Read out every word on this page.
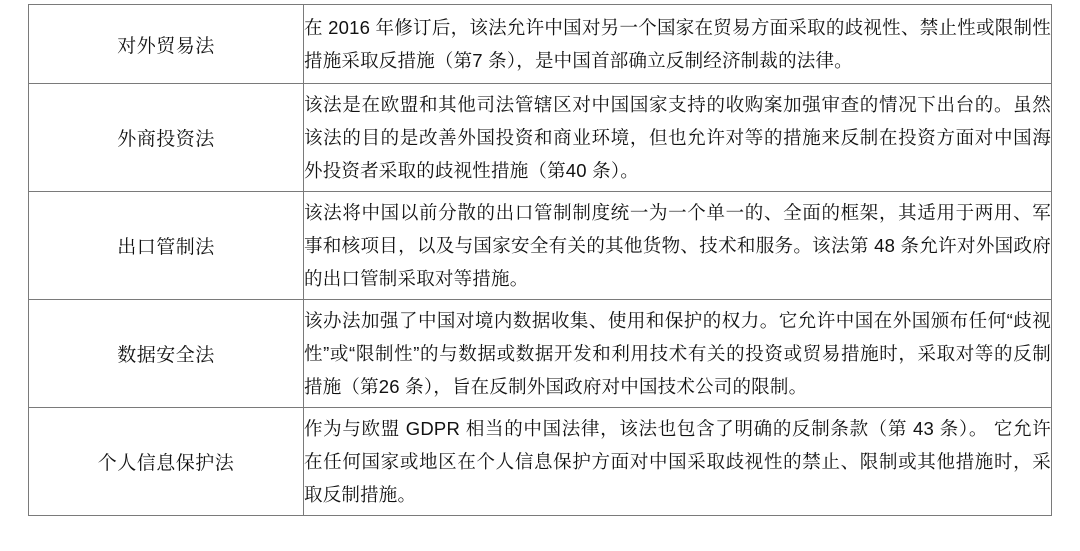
对外贸易法	在 2016 年修订后，该法允许中国对另一个国家在贸易方面采取的歧视性、禁止性或限制性措施采取反措施（第7 条），是中国首部确立反制经济制裁的法律。

外商投资法	该法是在欧盟和其他司法管辖区对中国国家支持的收购案加强审查的情况下出台的。虽然该法的目的是改善外国投资和商业环境，但也允许对等的措施来反制在投资方面对中国海外投资者采取的歧视性措施（第40 条）。

出口管制法	该法将中国以前分散的出口管制制度统一为一个单一的、全面的框架，其适用于两用、军事和核项目，以及与国家安全有关的其他货物、技术和服务。该法第 48 条允许对外国政府的出口管制采取对等措施。

数据安全法	该办法加强了中国对境内数据收集、使用和保护的权力。它允许中国在外国颁布任何“歧视性”或“限制性”的与数据或数据开发和利用技术有关的投资或贸易措施时，采取对等的反制措施（第26 条），旨在反制外国政府对中国技术公司的限制。

个人信息保护法	作为与欧盟 GDPR 相当的中国法律，该法也包含了明确的反制条款（第 43 条）。 它允许在任何国家或地区在个人信息保护方面对中国采取歧视性的禁止、限制或其他措施时，采取反制措施。
